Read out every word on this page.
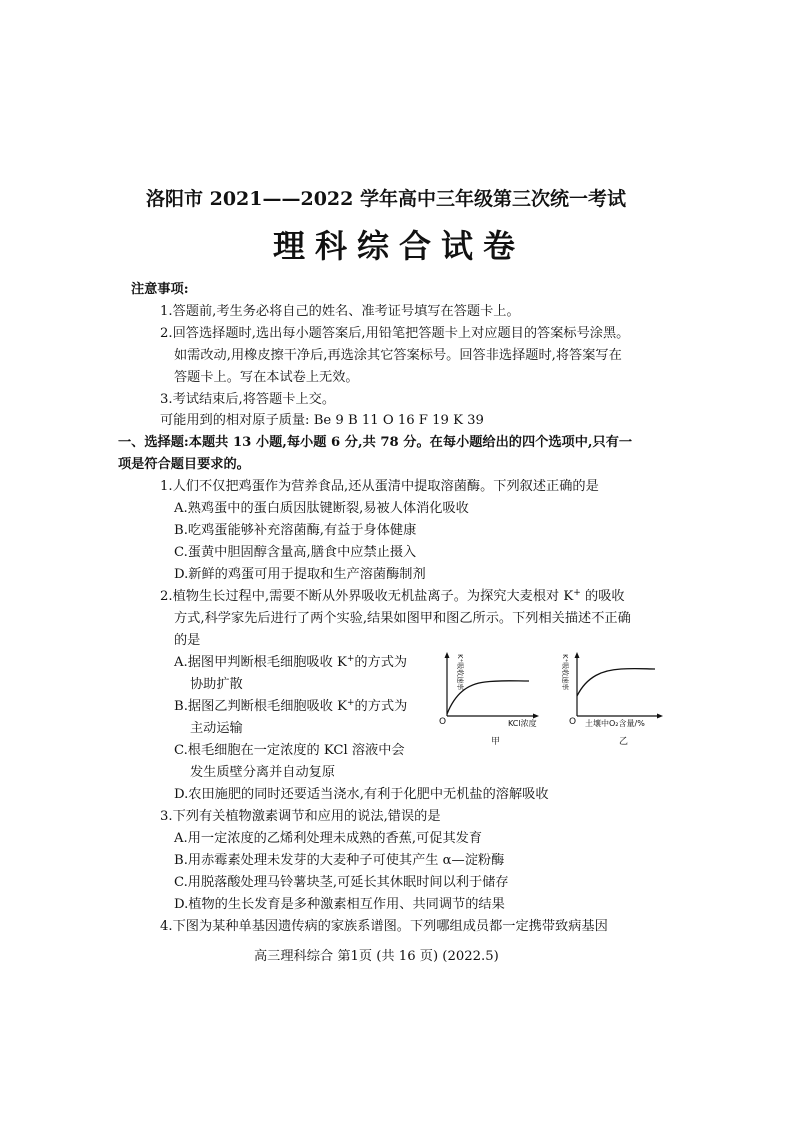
洛阳市 2021——2022 学年高中三年级第三次统一考试
理科综合试卷
注意事项:
1.答题前,考生务必将自己的姓名、准考证号填写在答题卡上。
2.回答选择题时,选出每小题答案后,用铅笔把答题卡上对应题目的答案标号涂黑。
如需改动,用橡皮擦干净后,再选涂其它答案标号。回答非选择题时,将答案写在
答题卡上。写在本试卷上无效。
3.考试结束后,将答题卡上交。
可能用到的相对原子质量: Be 9 B 11 O 16 F 19 K 39
一、选择题:本题共 13 小题,每小题 6 分,共 78 分。在每小题给出的四个选项中,只有一
项是符合题目要求的。
1.人们不仅把鸡蛋作为营养食品,还从蛋清中提取溶菌酶。下列叙述正确的是
A.熟鸡蛋中的蛋白质因肽键断裂,易被人体消化吸收
B.吃鸡蛋能够补充溶菌酶,有益于身体健康
C.蛋黄中胆固醇含量高,膳食中应禁止摄入
D.新鲜的鸡蛋可用于提取和生产溶菌酶制剂
2.植物生长过程中,需要不断从外界吸收无机盐离子。为探究大麦根对 K+ 的吸收
方式,科学家先后进行了两个实验,结果如图甲和图乙所示。下列相关描述不正确
的是
A.据图甲判断根毛细胞吸收 K+的方式为
协助扩散
B.据图乙判断根毛细胞吸收 K+的方式为
主动运输
C.根毛细胞在一定浓度的 KCl 溶液中会
发生质壁分离并自动复原
D.农田施肥的同时还要适当浇水,有利于化肥中无机盐的溶解吸收
O
K⁺吸收速率
KCl浓度
甲
O
K⁺吸收速率
土壤中O₂含量/%
乙
3.下列有关植物激素调节和应用的说法,错误的是
A.用一定浓度的乙烯利处理未成熟的香蕉,可促其发育
B.用赤霉素处理未发芽的大麦种子可使其产生 α—淀粉酶
C.用脱落酸处理马铃薯块茎,可延长其休眠时间以利于储存
D.植物的生长发育是多种激素相互作用、共同调节的结果
4.下图为某种单基因遗传病的家族系谱图。下列哪组成员都一定携带致病基因
高三理科综合 第1页 (共 16 页) (2022.5)
